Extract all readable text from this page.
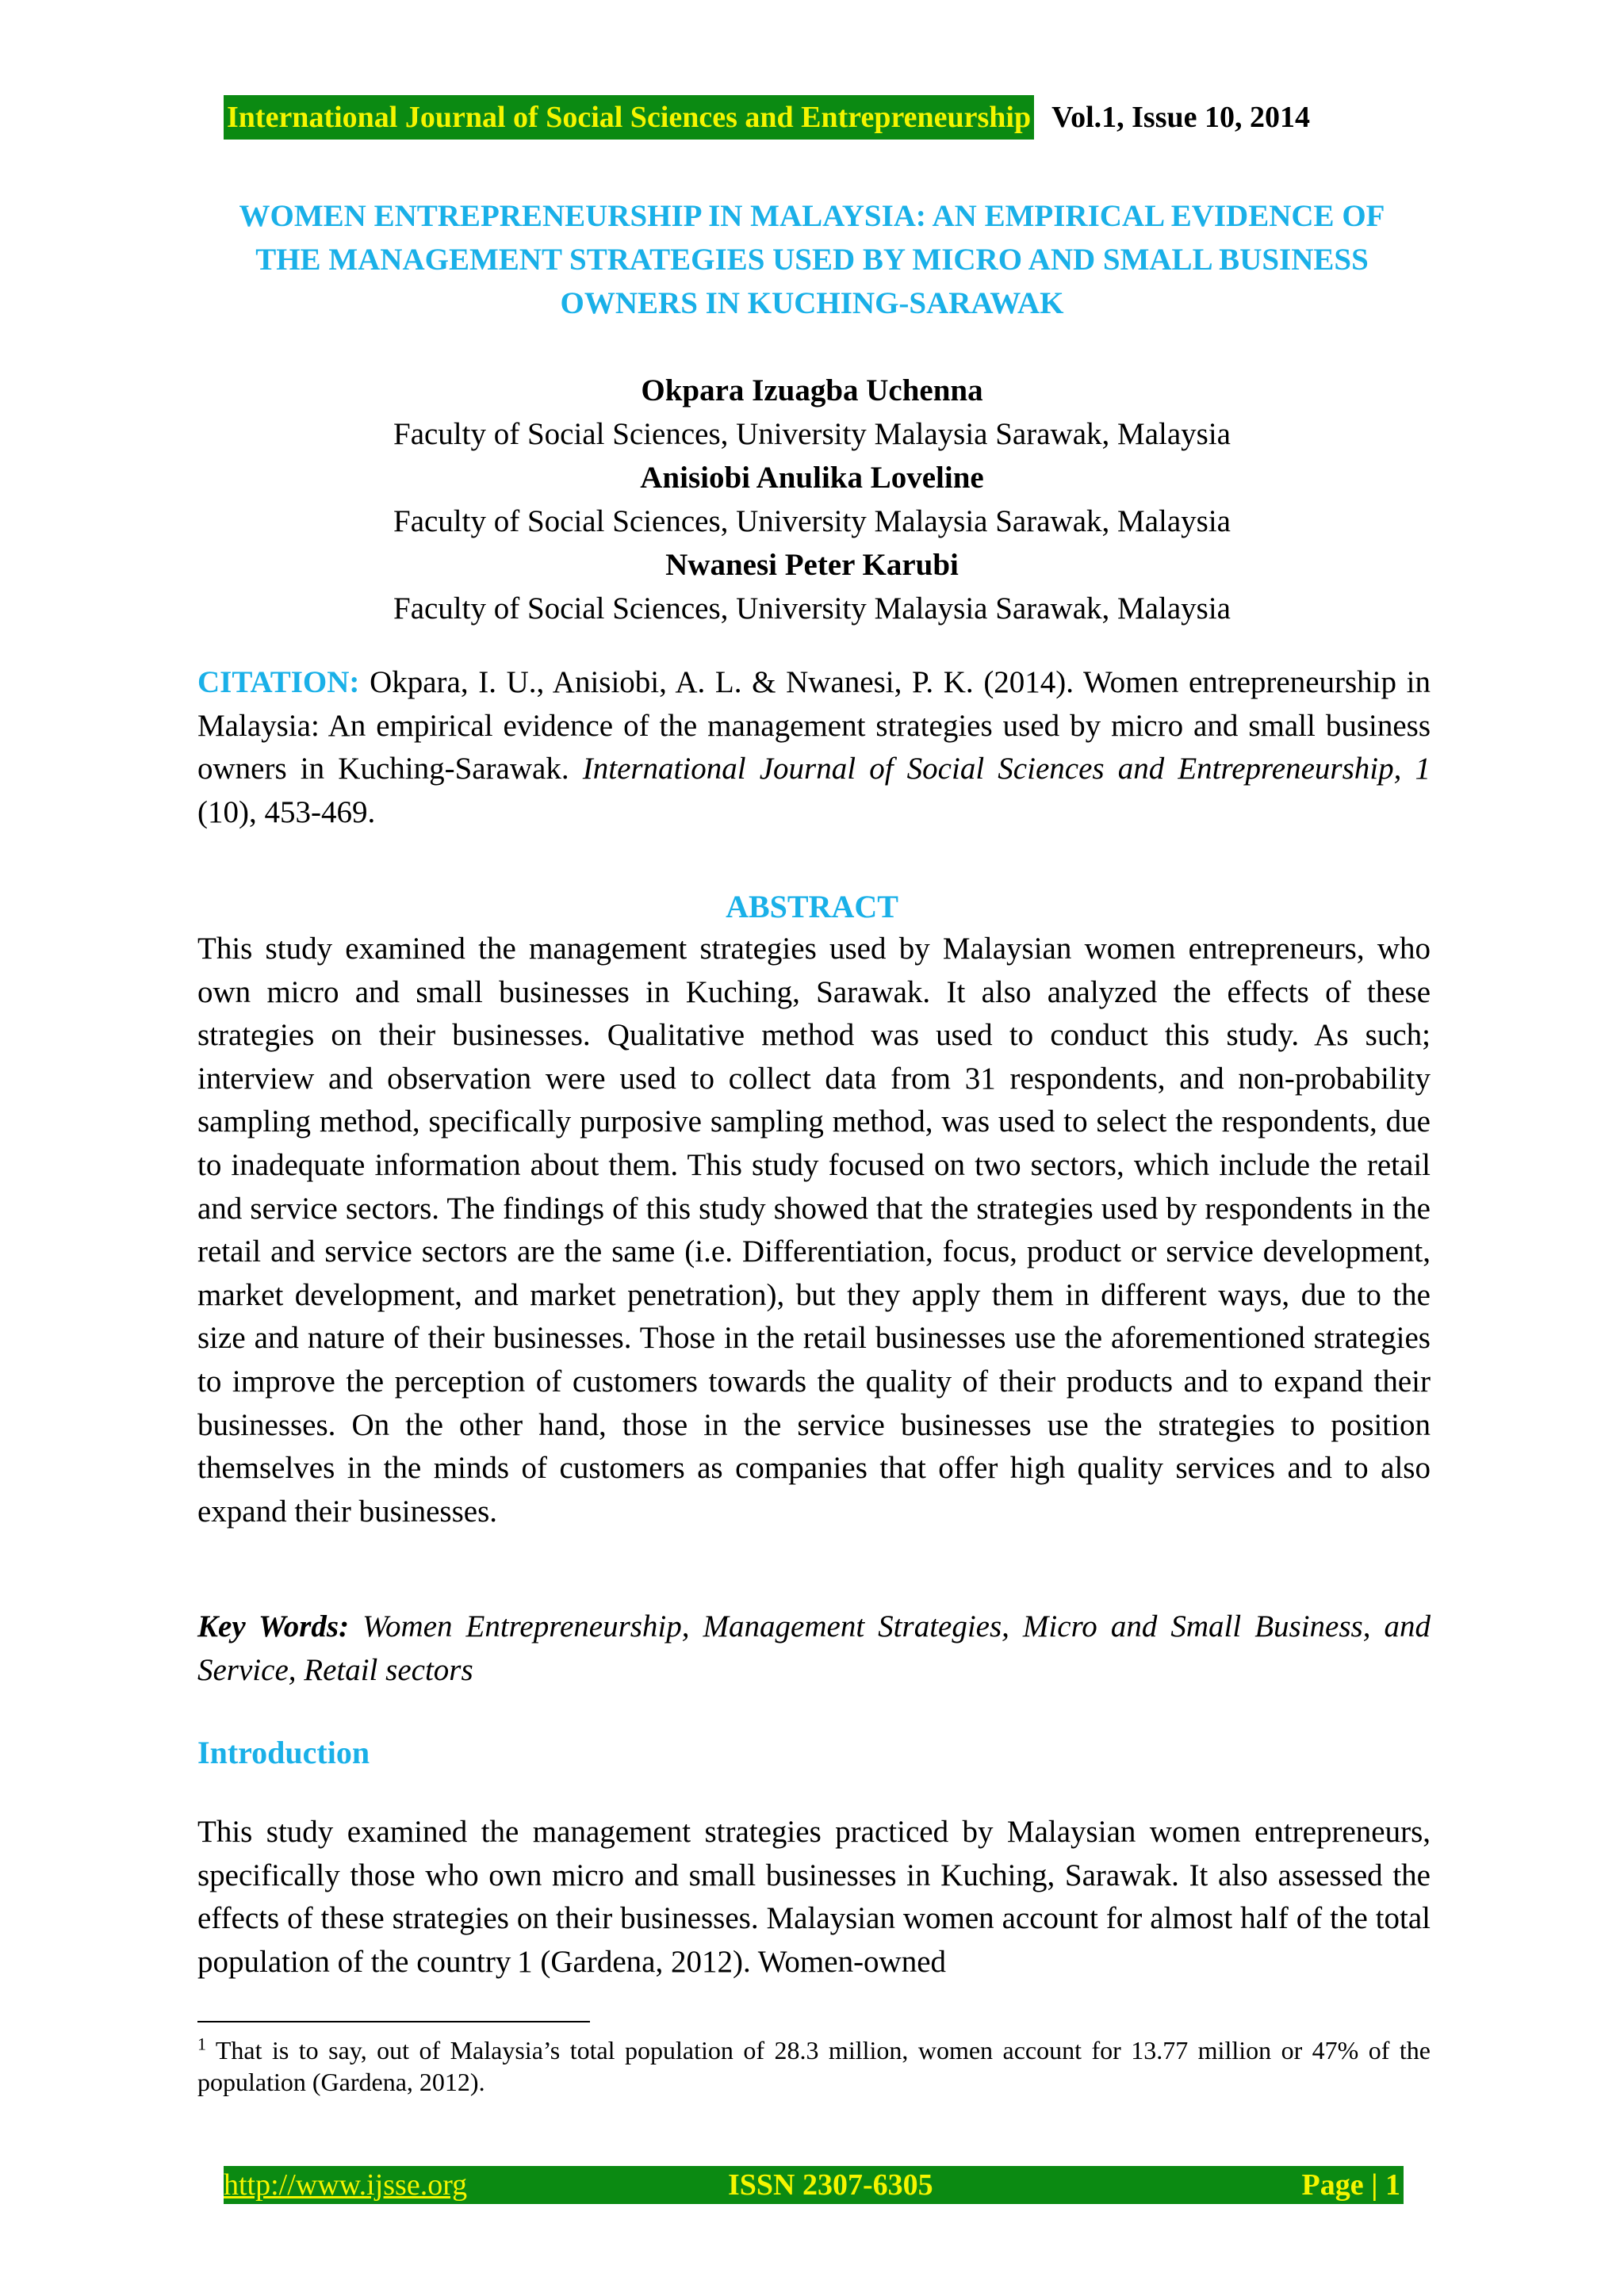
International Journal of Social Sciences and Entrepreneurship Vol.1, Issue 10, 2014
WOMEN ENTREPRENEURSHIP IN MALAYSIA: AN EMPIRICAL EVIDENCE OF
THE MANAGEMENT STRATEGIES USED BY MICRO AND SMALL BUSINESS
OWNERS IN KUCHING-SARAWAK
Okpara Izuagba Uchenna
Faculty of Social Sciences, University Malaysia Sarawak, Malaysia
Anisiobi Anulika Loveline
Faculty of Social Sciences, University Malaysia Sarawak, Malaysia
Nwanesi Peter Karubi
Faculty of Social Sciences, University Malaysia Sarawak, Malaysia
CITATION: Okpara, I. U., Anisiobi, A. L. & Nwanesi, P. K. (2014). Women entrepreneurship in Malaysia: An empirical evidence of the management strategies used by micro and small business owners in Kuching-Sarawak. International Journal of Social Sciences and Entrepreneurship, 1 (10), 453-469.
ABSTRACT
This study examined the management strategies used by Malaysian women entrepreneurs, who own micro and small businesses in Kuching, Sarawak. It also analyzed the effects of these strategies on their businesses. Qualitative method was used to conduct this study. As such; interview and observation were used to collect data from 31 respondents, and non-probability sampling method, specifically purposive sampling method, was used to select the respondents, due to inadequate information about them. This study focused on two sectors, which include the retail and service sectors. The findings of this study showed that the strategies used by respondents in the retail and service sectors are the same (i.e. Differentiation, focus, product or service development, market development, and market penetration), but they apply them in different ways, due to the size and nature of their businesses. Those in the retail businesses use the aforementioned strategies to improve the perception of customers towards the quality of their products and to expand their businesses. On the other hand, those in the service businesses use the strategies to position themselves in the minds of customers as companies that offer high quality services and to also expand their businesses.
Key Words: Women Entrepreneurship, Management Strategies, Micro and Small Business, and Service, Retail sectors
Introduction
This study examined the management strategies practiced by Malaysian women entrepreneurs, specifically those who own micro and small businesses in Kuching, Sarawak. It also assessed the effects of these strategies on their businesses. Malaysian women account for almost half of the total population of the country 1 (Gardena, 2012). Women-owned
$^1$ That is to say, out of Malaysia’s total population of 28.3 million, women account for 13.77 million or 47% of the population (Gardena, 2012).
http://www.ijsse.org	ISSN 2307-6305	Page | 1
